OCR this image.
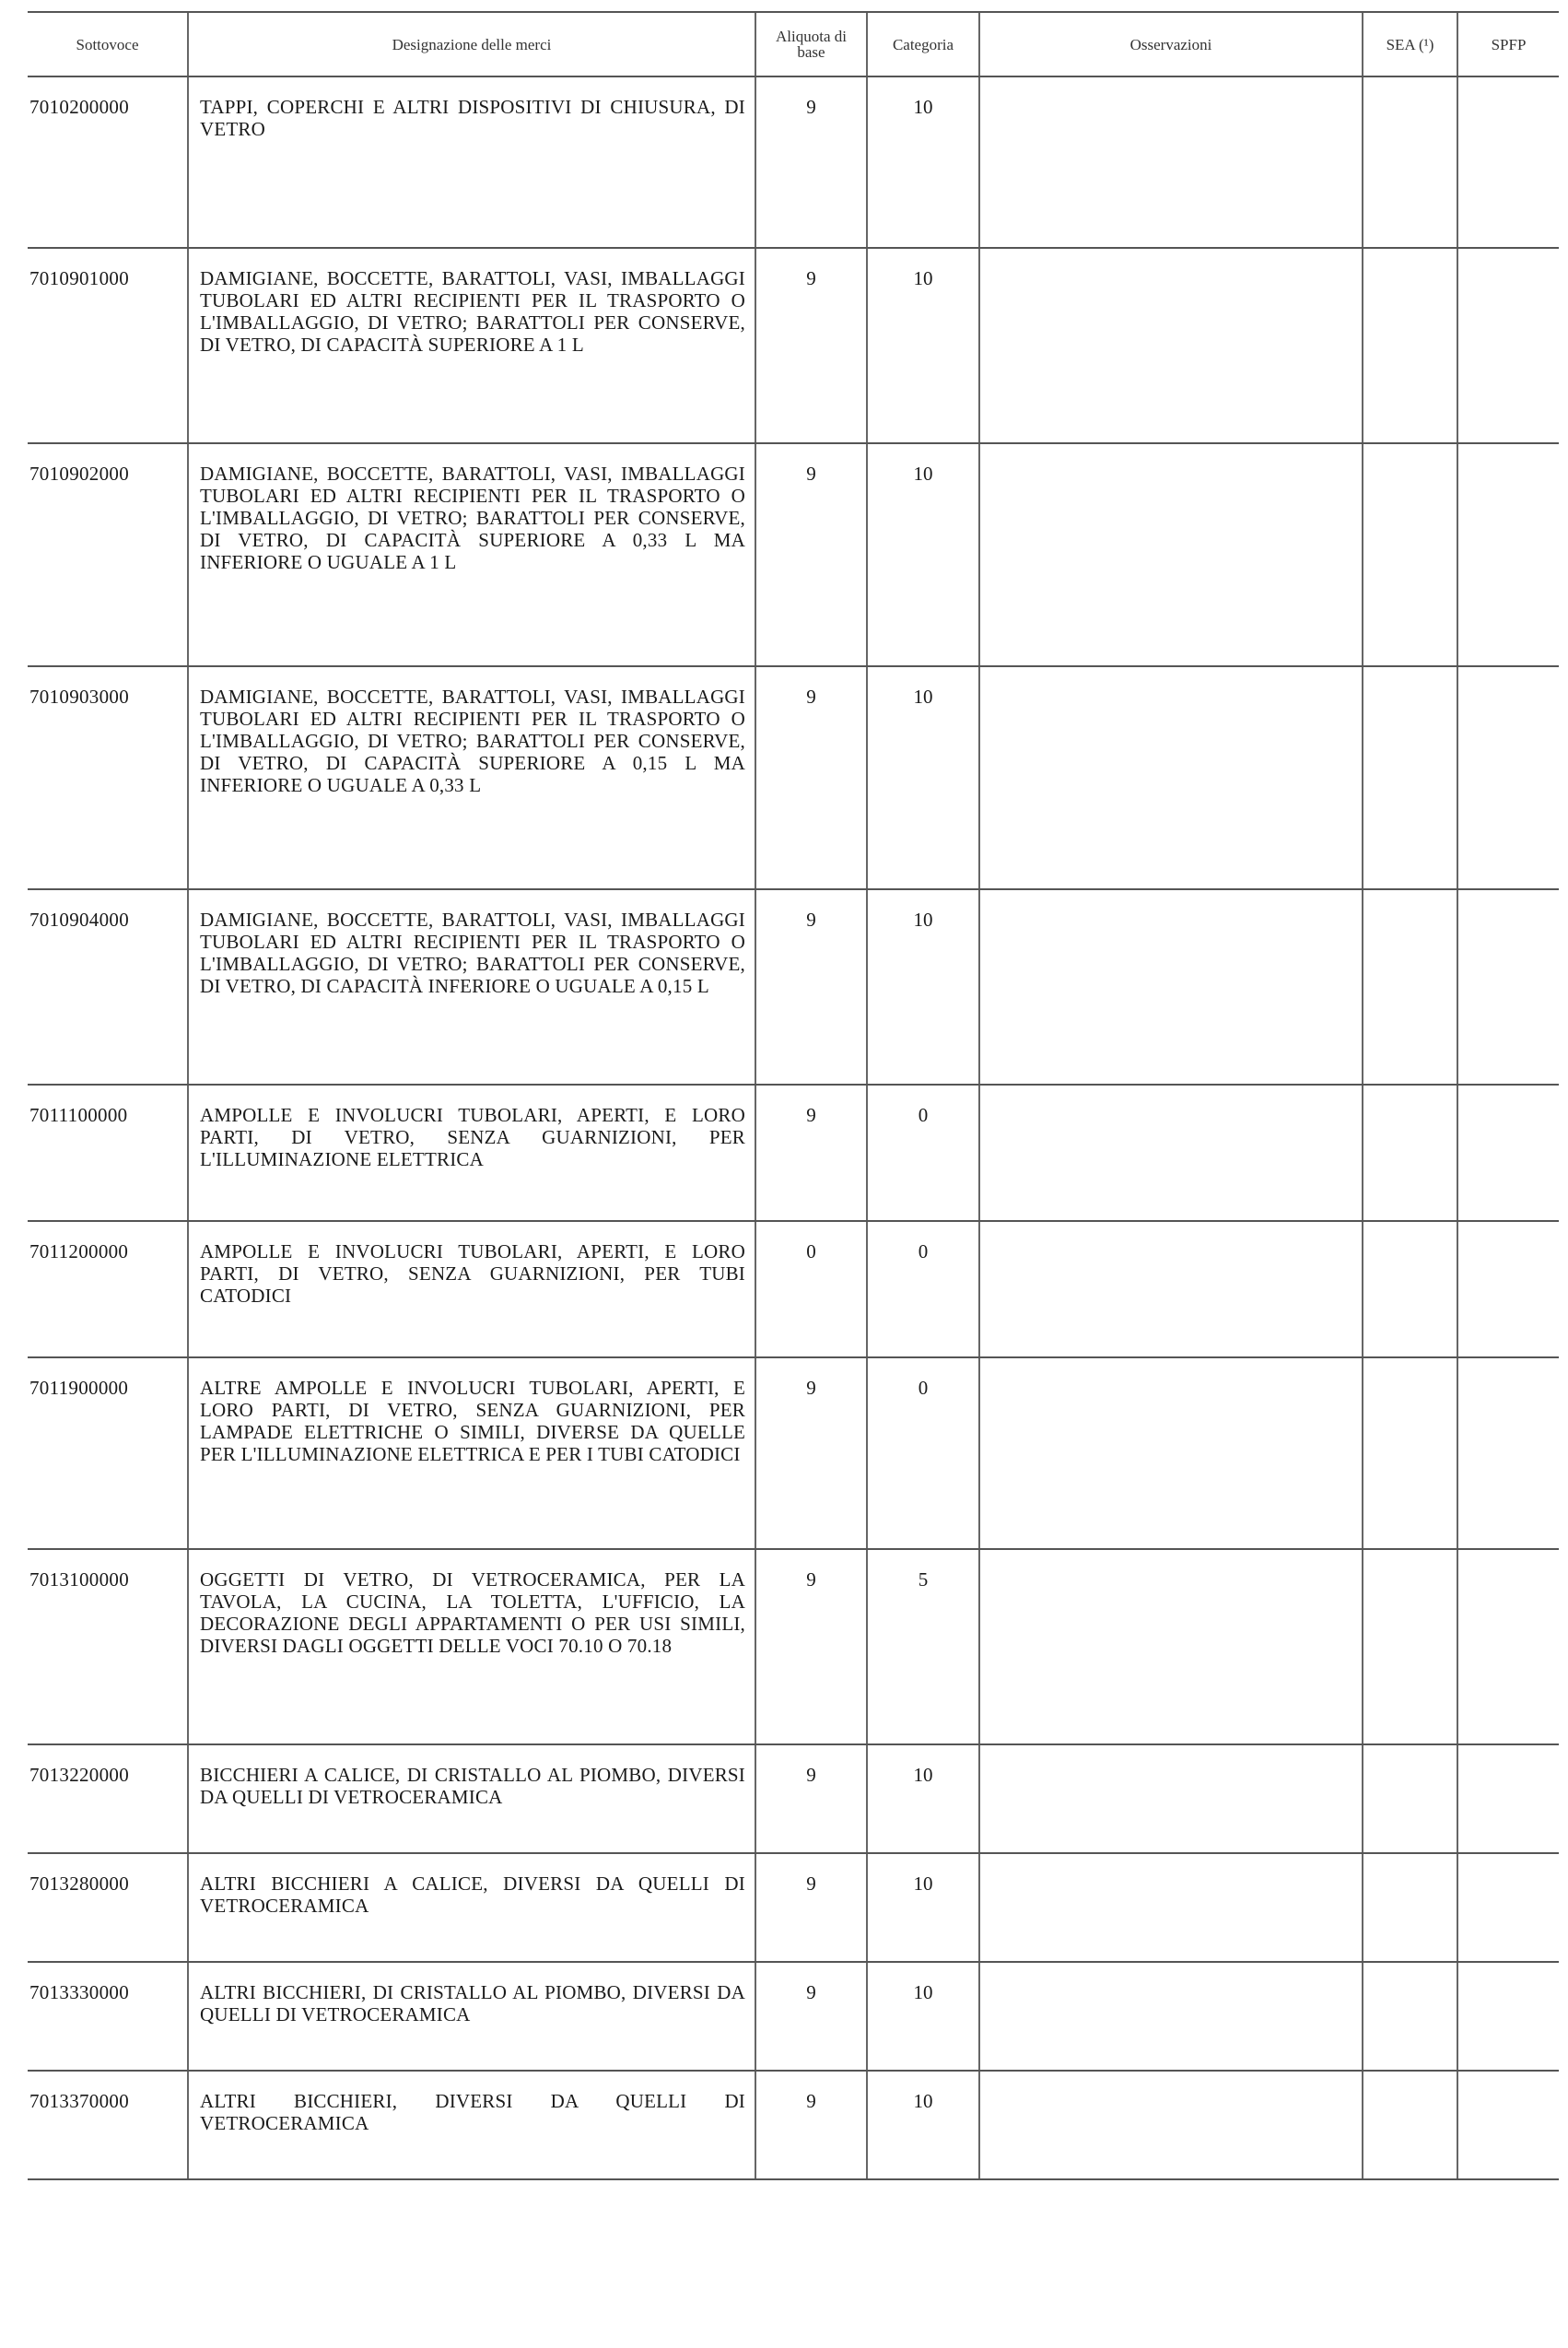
Sottovoce	Designazione delle merci	Aliquota di base	Categoria	Osservazioni	SEA (¹)	SPFP
7010200000	TAPPI, COPERCHI E ALTRI DISPOSITIVI DI CHIUSURA, DI VETRO	9	10			
7010901000	DAMIGIANE, BOCCETTE, BARATTOLI, VASI, IMBALLAGGI TUBOLARI ED ALTRI RECIPIENTI PER IL TRASPORTO O L'IMBALLAGGIO, DI VETRO; BARATTOLI PER CONSERVE, DI VETRO, DI CAPACITÀ SUPERIORE A 1 L	9	10			
7010902000	DAMIGIANE, BOCCETTE, BARATTOLI, VASI, IMBALLAGGI TUBOLARI ED ALTRI RECIPIENTI PER IL TRASPORTO O L'IMBALLAGGIO, DI VETRO; BARATTOLI PER CONSERVE, DI VETRO, DI CAPACITÀ SUPERIORE A 0,33 L MA INFERIORE O UGUALE A 1 L	9	10			
7010903000	DAMIGIANE, BOCCETTE, BARATTOLI, VASI, IMBALLAGGI TUBOLARI ED ALTRI RECIPIENTI PER IL TRASPORTO O L'IMBALLAGGIO, DI VETRO; BARATTOLI PER CONSERVE, DI VETRO, DI CAPACITÀ SUPERIORE A 0,15 L MA INFERIORE O UGUALE A 0,33 L	9	10			
7010904000	DAMIGIANE, BOCCETTE, BARATTOLI, VASI, IMBALLAGGI TUBOLARI ED ALTRI RECIPIENTI PER IL TRASPORTO O L'IMBALLAGGIO, DI VETRO; BARATTOLI PER CONSERVE, DI VETRO, DI CAPACITÀ INFERIORE O UGUALE A 0,15 L	9	10			
7011100000	AMPOLLE E INVOLUCRI TUBOLARI, APERTI, E LORO PARTI, DI VETRO, SENZA GUARNIZIONI, PER L'ILLUMINAZIONE ELETTRICA	9	0			
7011200000	AMPOLLE E INVOLUCRI TUBOLARI, APERTI, E LORO PARTI, DI VETRO, SENZA GUARNIZIONI, PER TUBI CATODICI	0	0			
7011900000	ALTRE AMPOLLE E INVOLUCRI TUBOLARI, APERTI, E LORO PARTI, DI VETRO, SENZA GUARNIZIONI, PER LAMPADE ELETTRICHE O SIMILI, DIVERSE DA QUELLE PER L'ILLUMINAZIONE ELETTRICA E PER I TUBI CATODICI	9	0			
7013100000	OGGETTI DI VETRO, DI VETROCERAMICA, PER LA TAVOLA, LA CUCINA, LA TOLETTA, L'UFFICIO, LA DECORAZIONE DEGLI APPARTAMENTI O PER USI SIMILI, DIVERSI DAGLI OGGETTI DELLE VOCI 70.10 O 70.18	9	5			
7013220000	BICCHIERI A CALICE, DI CRISTALLO AL PIOMBO, DIVERSI DA QUELLI DI VETROCERAMICA	9	10			
7013280000	ALTRI BICCHIERI A CALICE, DIVERSI DA QUELLI DI VETROCERAMICA	9	10			
7013330000	ALTRI BICCHIERI, DI CRISTALLO AL PIOMBO, DIVERSI DA QUELLI DI VETROCERAMICA	9	10			
7013370000	ALTRI BICCHIERI, DIVERSI DA QUELLI DI VETROCERAMICA	9	10			
